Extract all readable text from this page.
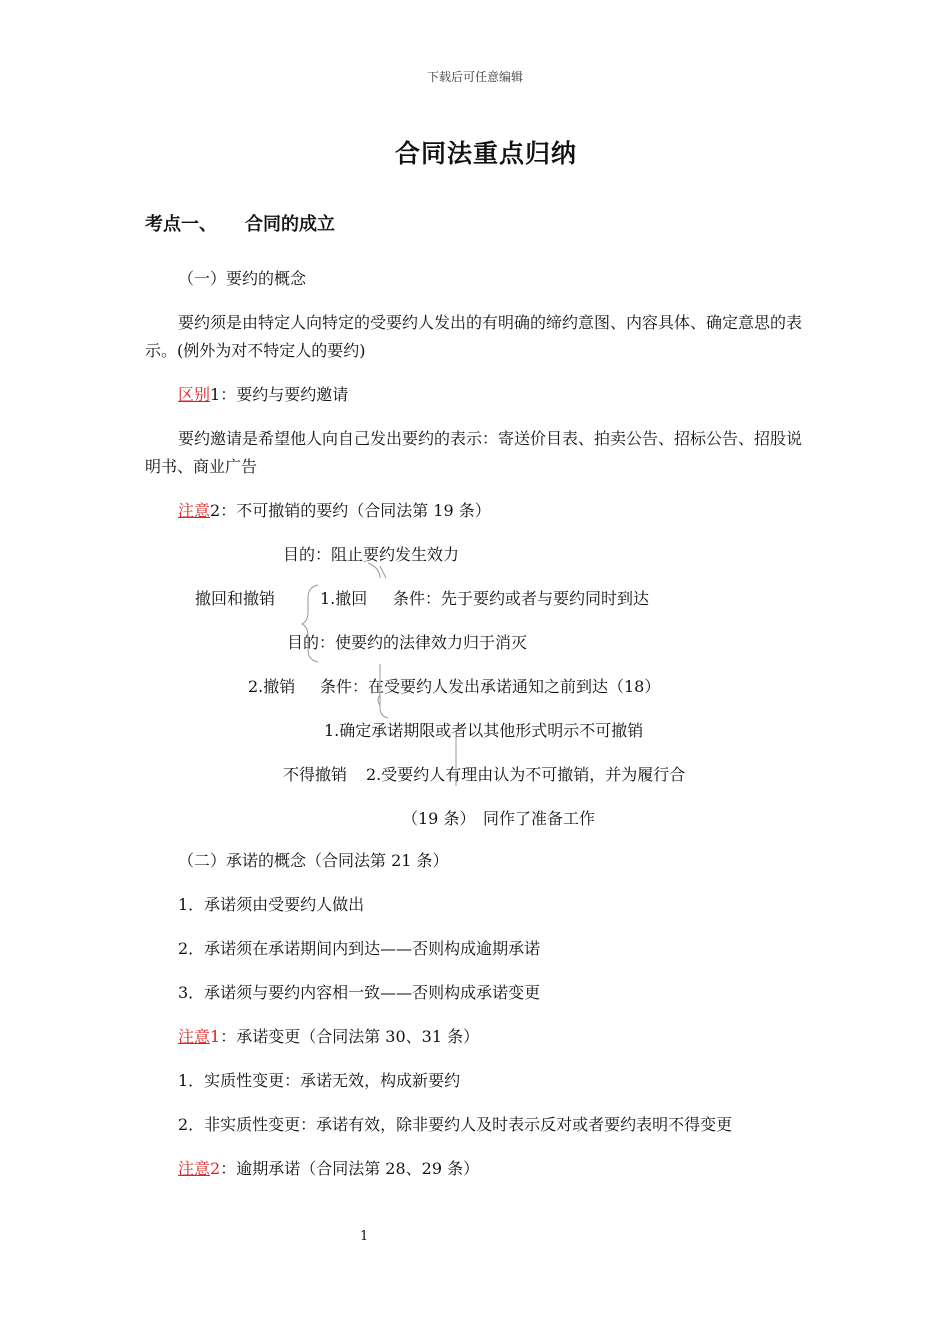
下载后可任意编辑
合同法重点归纳
考点一、 合同的成立
（一）要约的概念
要约须是由特定人向特定的受要约人发出的有明确的缔约意图、内容具体、确定意思的表示。(例外为对不特定人的要约)
区别1：要约与要约邀请
要约邀请是希望他人向自己发出要约的表示：寄送价目表、拍卖公告、招标公告、招股说明书、商业广告
注意2：不可撤销的要约（合同法第 19 条）
目的：阻止要约发生效力
撤回和撤销	1.撤回 条件：先于要约或者与要约同时到达
目的：使要约的法律效力归于消灭
2.撤销 条件：在受要约人发出承诺通知之前到达（18）
1.确定承诺期限或者以其他形式明示不可撤销
不得撤销 2.受要约人有理由认为不可撤销，并为履行合
（19 条） 同作了准备工作
（二）承诺的概念（合同法第 21 条）
1．承诺须由受要约人做出
2．承诺须在承诺期间内到达——否则构成逾期承诺
3．承诺须与要约内容相一致——否则构成承诺变更
注意1：承诺变更（合同法第 30、31 条）
1．实质性变更：承诺无效，构成新要约
2．非实质性变更：承诺有效，除非要约人及时表示反对或者要约表明不得变更
注意2：逾期承诺（合同法第 28、29 条）
1
